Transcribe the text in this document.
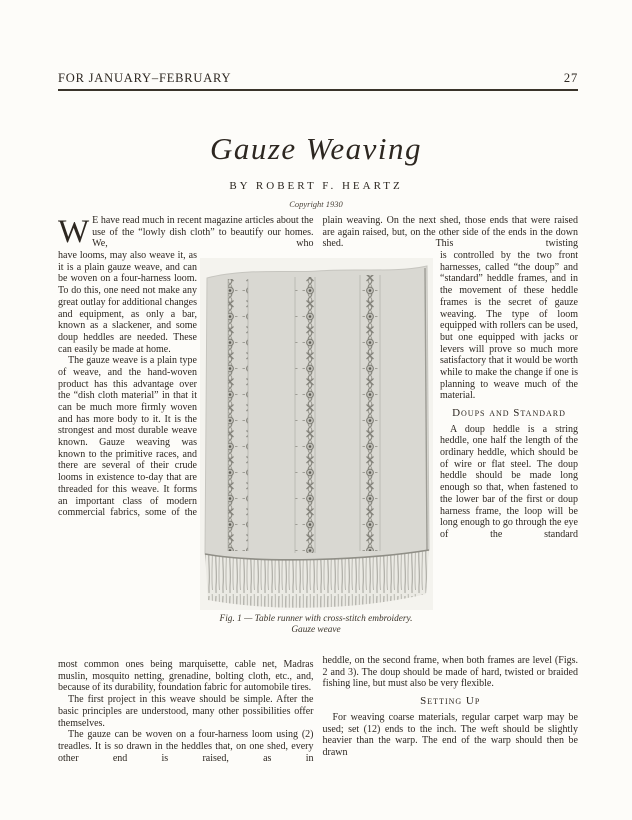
FOR JANUARY–FEBRUARY	27
Gauze Weaving
BY ROBERT F. HEARTZ
Copyright 1930

W E have read much in recent magazine articles about the use of the “lowly dish cloth” to beautify our homes. We, who

have looms, may also weave it, as it is a plain gauze weave, and can be woven on a four-harness loom. To do this, one need not make any great outlay for additional changes and equipment, as only a bar, known as a slackener, and some doup heddles are needed. These can easily be made at home.

The gauze weave is a plain type of weave, and the hand-woven product has this advantage over the “dish cloth material” in that it can be much more firmly woven and has more body to it. It is the strongest and most durable weave known. Gauze weaving was known to the primitive races, and there are several of their crude looms in existence to-day that are threaded for this weave. It forms an important class of modern commercial fabrics, some of the

most common ones being marquisette, cable net, Madras muslin, mosquito netting, grenadine, bolting cloth, etc., and, because of its durability, foundation fabric for automobile tires.

The first project in this weave should be simple. After the basic principles are understood, many other possibilities offer themselves.

The gauze can be woven on a four-harness loom using (2) treadles. It is so drawn in the heddles that, on one shed, every other end is raised, as in

plain weaving. On the next shed, those ends that were raised are again raised, but, on the other side of the ends in the down shed. This twisting

is controlled by the two front harnesses, called “the doup” and “standard” heddle frames, and in the movement of these heddle frames is the secret of gauze weaving. The type of loom equipped with rollers can be used, but one equipped with jacks or levers will prove so much more satisfactory that it would be worth while to make the change if one is planning to weave much of the material.

Doups and Standard

A doup heddle is a string heddle, one half the length of the ordinary heddle, which should be of wire or flat steel. The doup heddle should be made long enough so that, when fastened to the lower bar of the first or doup harness frame, the loop will be long enough to go through the eye of the standard

heddle, on the second frame, when both frames are level (Figs. 2 and 3). The doup should be made of hard, twisted or braided fishing line, but must also be very flexible.

Setting Up

For weaving coarse materials, regular carpet warp may be used; set (12) ends to the inch. The weft should be slightly heavier than the warp. The end of the warp should then be drawn

Fig. 1 — Table runner with cross-stitch embroidery.
Gauze weave
